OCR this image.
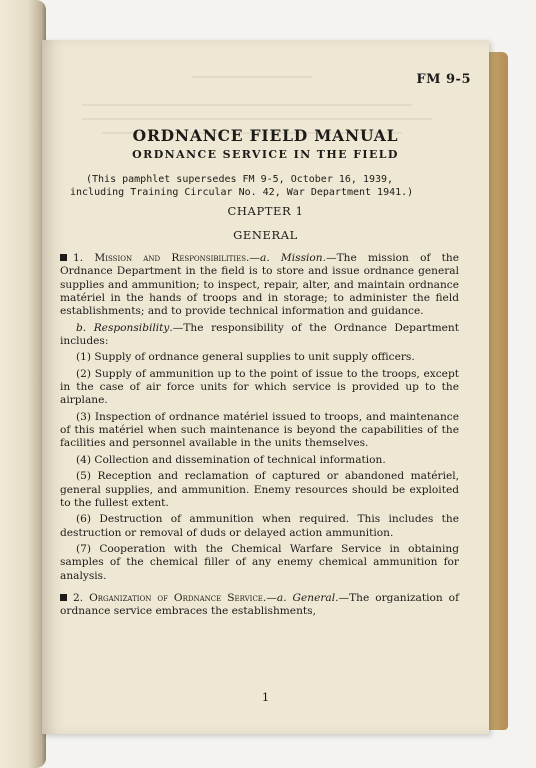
FM 9-5
ORDNANCE FIELD MANUAL
ORDNANCE SERVICE IN THE FIELD
(This pamphlet supersedes FM 9-5, October 16, 1939, including Training Circular No. 42, War Department 1941.)
CHAPTER 1
GENERAL

1. Mission and Responsibilities.—a. Mission.—The mission of the Ordnance Department in the field is to store and issue ordnance general supplies and ammunition; to inspect, repair, alter, and maintain ordnance matériel in the hands of troops and in storage; to administer the field establishments; and to provide technical information and guidance.

b. Responsibility.—The responsibility of the Ordnance Department includes:

(1) Supply of ordnance general supplies to unit supply officers.

(2) Supply of ammunition up to the point of issue to the troops, except in the case of air force units for which service is provided up to the airplane.

(3) Inspection of ordnance matériel issued to troops, and maintenance of this matériel when such maintenance is beyond the capabilities of the facilities and personnel available in the units themselves.

(4) Collection and dissemination of technical information.

(5) Reception and reclamation of captured or abandoned matériel, general supplies, and ammunition. Enemy resources should be exploited to the fullest extent.

(6) Destruction of ammunition when required. This includes the destruction or removal of duds or delayed action ammunition.

(7) Cooperation with the Chemical Warfare Service in obtaining samples of the chemical filler of any enemy chemical ammunition for analysis.

2. Organization of Ordnance Service.—a. General.—The organization of ordnance service embraces the establishments,

1
